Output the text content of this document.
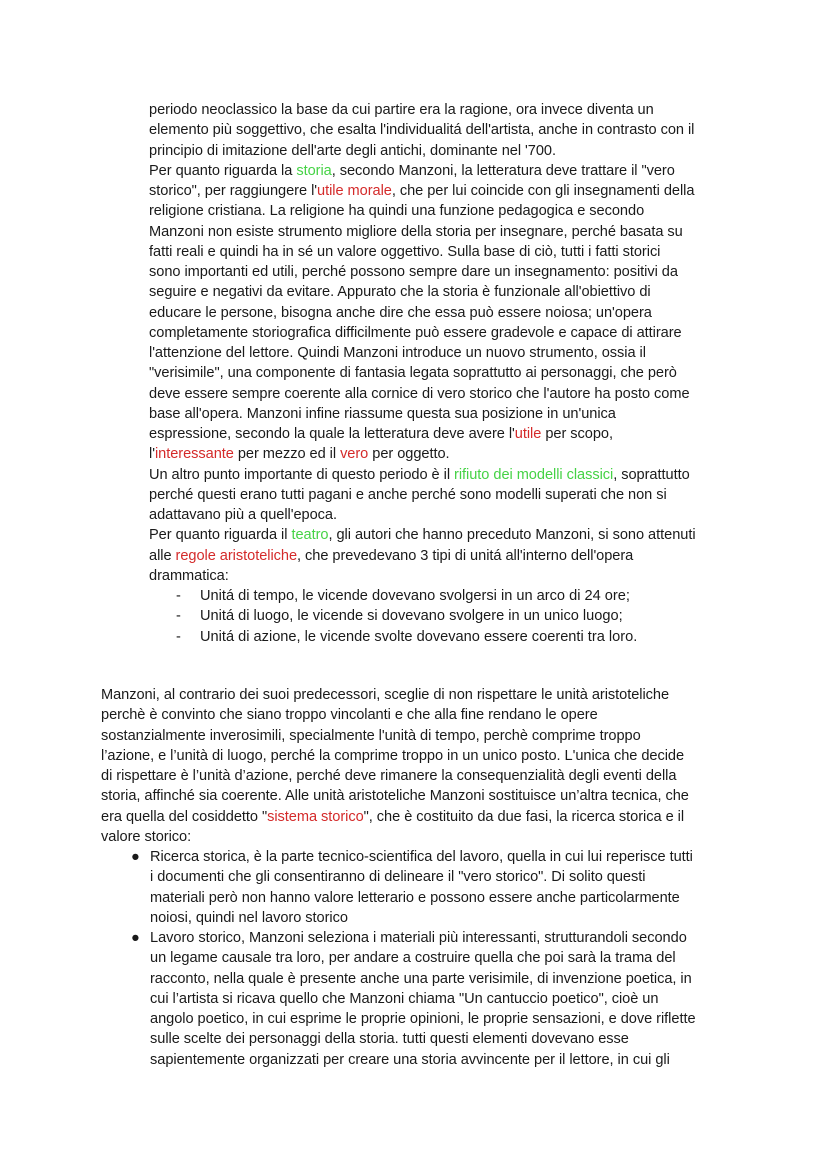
periodo neoclassico la base da cui partire era la ragione, ora invece diventa un
elemento più soggettivo, che esalta l'individualitá dell'artista, anche in contrasto con il
principio di imitazione dell'arte degli antichi, dominante nel '700.
Per quanto riguarda la storia, secondo Manzoni, la letteratura deve trattare il "vero
storico", per raggiungere l'utile morale, che per lui coincide con gli insegnamenti della
religione cristiana. La religione ha quindi una funzione pedagogica e secondo
Manzoni non esiste strumento migliore della storia per insegnare, perché basata su
fatti reali e quindi ha in sé un valore oggettivo. Sulla base di ciò, tutti i fatti storici
sono importanti ed utili, perché possono sempre dare un insegnamento: positivi da
seguire e negativi da evitare. Appurato che la storia è funzionale all'obiettivo di
educare le persone, bisogna anche dire che essa può essere noiosa; un'opera
completamente storiografica difficilmente può essere gradevole e capace di attirare
l'attenzione del lettore. Quindi Manzoni introduce un nuovo strumento, ossia il
"verisimile", una componente di fantasia legata soprattutto ai personaggi, che però
deve essere sempre coerente alla cornice di vero storico che l'autore ha posto come
base all'opera. Manzoni infine riassume questa sua posizione in un'unica
espressione, secondo la quale la letteratura deve avere l'utile per scopo,
l'interessante per mezzo ed il vero per oggetto.
Un altro punto importante di questo periodo è il rifiuto dei modelli classici, soprattutto
perché questi erano tutti pagani e anche perché sono modelli superati che non si
adattavano più a quell'epoca.
Per quanto riguarda il teatro, gli autori che hanno preceduto Manzoni, si sono attenuti
alle regole aristoteliche, che prevedevano 3 tipi di unitá all'interno dell'opera
drammatica:
- Unitá di tempo, le vicende dovevano svolgersi in un arco di 24 ore;
- Unitá di luogo, le vicende si dovevano svolgere in un unico luogo;
- Unitá di azione, le vicende svolte dovevano essere coerenti tra loro.
Manzoni, al contrario dei suoi predecessori, sceglie di non rispettare le unità aristoteliche
perchè è convinto che siano troppo vincolanti e che alla fine rendano le opere
sostanzialmente inverosimili, specialmente l'unità di tempo, perchè comprime troppo
l’azione, e l’unità di luogo, perché la comprime troppo in un unico posto. L'unica che decide
di rispettare è l’unità d’azione, perché deve rimanere la consequenzialità degli eventi della
storia, affinché sia coerente. Alle unità aristoteliche Manzoni sostituisce un’altra tecnica, che
era quella del cosiddetto "sistema storico", che è costituito da due fasi, la ricerca storica e il
valore storico:
● Ricerca storica, è la parte tecnico-scientifica del lavoro, quella in cui lui reperisce tutti
i documenti che gli consentiranno di delineare il "vero storico". Di solito questi
materiali però non hanno valore letterario e possono essere anche particolarmente
noiosi, quindi nel lavoro storico
● Lavoro storico, Manzoni seleziona i materiali più interessanti, strutturandoli secondo
un legame causale tra loro, per andare a costruire quella che poi sarà la trama del
racconto, nella quale è presente anche una parte verisimile, di invenzione poetica, in
cui l’artista si ricava quello che Manzoni chiama "Un cantuccio poetico", cioè un
angolo poetico, in cui esprime le proprie opinioni, le proprie sensazioni, e dove riflette
sulle scelte dei personaggi della storia. tutti questi elementi dovevano esse
sapientemente organizzati per creare una storia avvincente per il lettore, in cui gli
